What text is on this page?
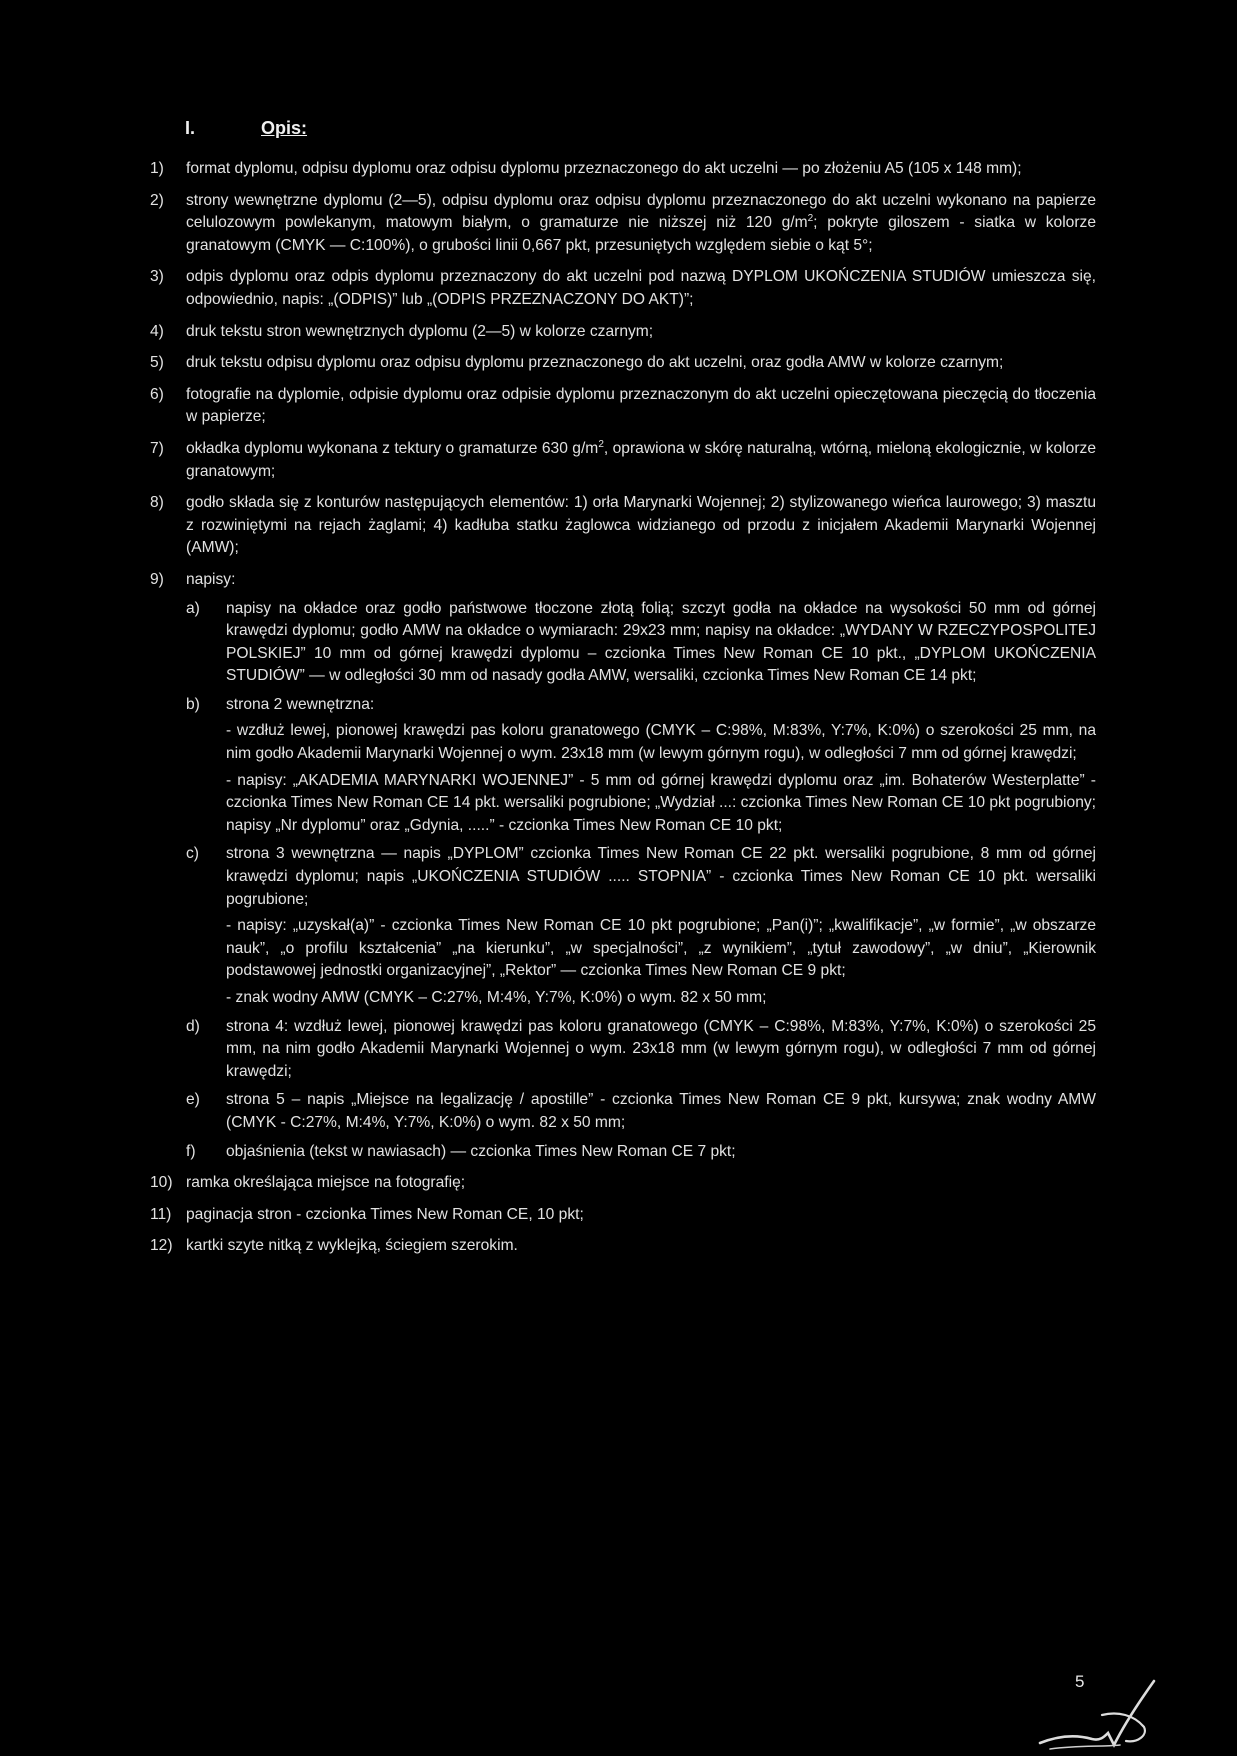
I.	Opis:
1)	format dyplomu, odpisu dyplomu oraz odpisu dyplomu przeznaczonego do akt uczelni — po złożeniu A5 (105 x 148 mm);
2)	strony wewnętrzne dyplomu (2—5), odpisu dyplomu oraz odpisu dyplomu przeznaczonego do akt uczelni wykonano na papierze celulozowym powlekanym, matowym białym, o gramaturze nie niższej niż 120 $g/m^2$; pokryte giloszem - siatka w kolorze granatowym (CMYK — C:100%), o grubości linii 0,667 pkt, przesuniętych względem siebie o kąt 5°;
3)	odpis dyplomu oraz odpis dyplomu przeznaczony do akt uczelni pod nazwą DYPLOM UKOŃCZENIA STUDIÓW umieszcza się, odpowiednio, napis: „(ODPIS)” lub „(ODPIS PRZEZNACZONY DO AKT)”;
4)	druk tekstu stron wewnętrznych dyplomu (2—5) w kolorze czarnym;
5)	druk tekstu odpisu dyplomu oraz odpisu dyplomu przeznaczonego do akt uczelni, oraz godła AMW w kolorze czarnym;
6)	fotografie na dyplomie, odpisie dyplomu oraz odpisie dyplomu przeznaczonym do akt uczelni opieczętowana pieczęcią do tłoczenia w papierze;
7)	okładka dyplomu wykonana z tektury o gramaturze 630 $g/m^2$, oprawiona w skórę naturalną, wtórną, mieloną ekologicznie, w kolorze granatowym;
8)	godło składa się z konturów następujących elementów: 1) orła Marynarki Wojennej; 2) stylizowanego wieńca laurowego; 3) masztu z rozwiniętymi na rejach żaglami; 4) kadłuba statku żaglowca widzianego od przodu z inicjałem Akademii Marynarki Wojennej (AMW);
9)	napisy:
a)	napisy na okładce oraz godło państwowe tłoczone złotą folią; szczyt godła na okładce na wysokości 50 mm od górnej krawędzi dyplomu; godło AMW na okładce o wymiarach: 29x23 mm; napisy na okładce: „WYDANY W RZECZYPOSPOLITEJ POLSKIEJ” 10 mm od górnej krawędzi dyplomu – czcionka Times New Roman CE 10 pkt., „DYPLOM UKOŃCZENIA STUDIÓW” — w odległości 30 mm od nasady godła AMW, wersaliki, czcionka Times New Roman CE 14 pkt;
b)	strona 2 wewnętrzna:
- wzdłuż lewej, pionowej krawędzi pas koloru granatowego (CMYK – C:98%, M:83%, Y:7%, K:0%) o szerokości 25 mm, na nim godło Akademii Marynarki Wojennej o wym. 23x18 mm (w lewym górnym rogu), w odległości 7 mm od górnej krawędzi;
- napisy: „AKADEMIA MARYNARKI WOJENNEJ” - 5 mm od górnej krawędzi dyplomu oraz „im. Bohaterów Westerplatte” - czcionka Times New Roman CE 14 pkt. wersaliki pogrubione; „Wydział ...: czcionka Times New Roman CE 10 pkt pogrubiony; napisy „Nr dyplomu” oraz „Gdynia, .....” - czcionka Times New Roman CE 10 pkt;
c)	strona 3 wewnętrzna — napis „DYPLOM” czcionka Times New Roman CE 22 pkt. wersaliki pogrubione, 8 mm od górnej krawędzi dyplomu; napis „UKOŃCZENIA STUDIÓW ..... STOPNIA” - czcionka Times New Roman CE 10 pkt. wersaliki pogrubione;
- napisy: „uzyskał(a)” - czcionka Times New Roman CE 10 pkt pogrubione; „Pan(i)”; „kwalifikacje”, „w formie”, „w obszarze nauk”, „o profilu kształcenia” „na kierunku”, „w specjalności”, „z wynikiem”, „tytuł zawodowy”, „w dniu”, „Kierownik podstawowej jednostki organizacyjnej”, „Rektor” — czcionka Times New Roman CE 9 pkt;
- znak wodny AMW (CMYK – C:27%, M:4%, Y:7%, K:0%) o wym. 82 x 50 mm;
d)	strona 4: wzdłuż lewej, pionowej krawędzi pas koloru granatowego (CMYK – C:98%, M:83%, Y:7%, K:0%) o szerokości 25 mm, na nim godło Akademii Marynarki Wojennej o wym. 23x18 mm (w lewym górnym rogu), w odległości 7 mm od górnej krawędzi;
e)	strona 5 – napis „Miejsce na legalizację / apostille” - czcionka Times New Roman CE 9 pkt, kursywa; znak wodny AMW (CMYK - C:27%, M:4%, Y:7%, K:0%) o wym. 82 x 50 mm;
f)	objaśnienia (tekst w nawiasach) — czcionka Times New Roman CE 7 pkt;
10) ramka określająca miejsce na fotografię;
11) paginacja stron - czcionka Times New Roman CE, 10 pkt;
12) kartki szyte nitką z wyklejką, ściegiem szerokim.
5
